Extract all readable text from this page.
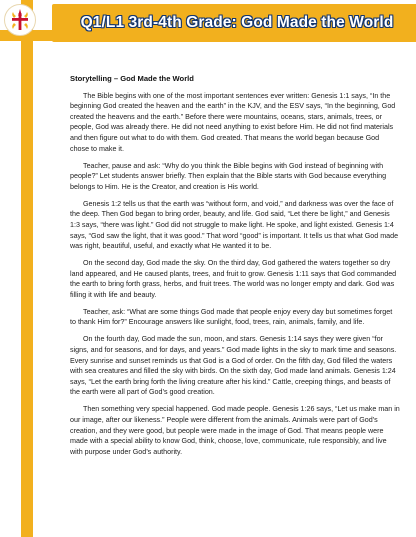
Q1/L1 3rd-4th Grade: God Made the World
Storytelling – God Made the World

The Bible begins with one of the most important sentences ever written: Genesis 1:1 says, “In the beginning God created the heaven and the earth” in the KJV, and the ESV says, “In the beginning, God created the heavens and the earth.” Before there were mountains, oceans, stars, animals, trees, or people, God was already there. He did not need anything to exist before Him. He did not find materials and then figure out what to do with them. God created. That means the world began because God chose to make it.

Teacher, pause and ask: “Why do you think the Bible begins with God instead of beginning with people?” Let students answer briefly. Then explain that the Bible starts with God because everything belongs to Him. He is the Creator, and creation is His world.

Genesis 1:2 tells us that the earth was “without form, and void,” and darkness was over the face of the deep. Then God began to bring order, beauty, and life. God said, “Let there be light,” and Genesis 1:3 says, “there was light.” God did not struggle to make light. He spoke, and light existed. Genesis 1:4 says, “God saw the light, that it was good.” That word “good” is important. It tells us that what God made was right, beautiful, useful, and exactly what He wanted it to be.

On the second day, God made the sky. On the third day, God gathered the waters together so dry land appeared, and He caused plants, trees, and fruit to grow. Genesis 1:11 says that God commanded the earth to bring forth grass, herbs, and fruit trees. The world was no longer empty and dark. God was filling it with life and beauty.

Teacher, ask: “What are some things God made that people enjoy every day but sometimes forget to thank Him for?” Encourage answers like sunlight, food, trees, rain, animals, family, and life.

On the fourth day, God made the sun, moon, and stars. Genesis 1:14 says they were given “for signs, and for seasons, and for days, and years.” God made lights in the sky to mark time and seasons. Every sunrise and sunset reminds us that God is a God of order. On the fifth day, God filled the waters with sea creatures and filled the sky with birds. On the sixth day, God made land animals. Genesis 1:24 says, “Let the earth bring forth the living creature after his kind.” Cattle, creeping things, and beasts of the earth were all part of God’s good creation.

Then something very special happened. God made people. Genesis 1:26 says, “Let us make man in our image, after our likeness.” People were different from the animals. Animals were part of God’s creation, and they were good, but people were made in the image of God. That means people were made with a special ability to know God, think, choose, love, communicate, rule responsibly, and live with purpose under God’s authority.
